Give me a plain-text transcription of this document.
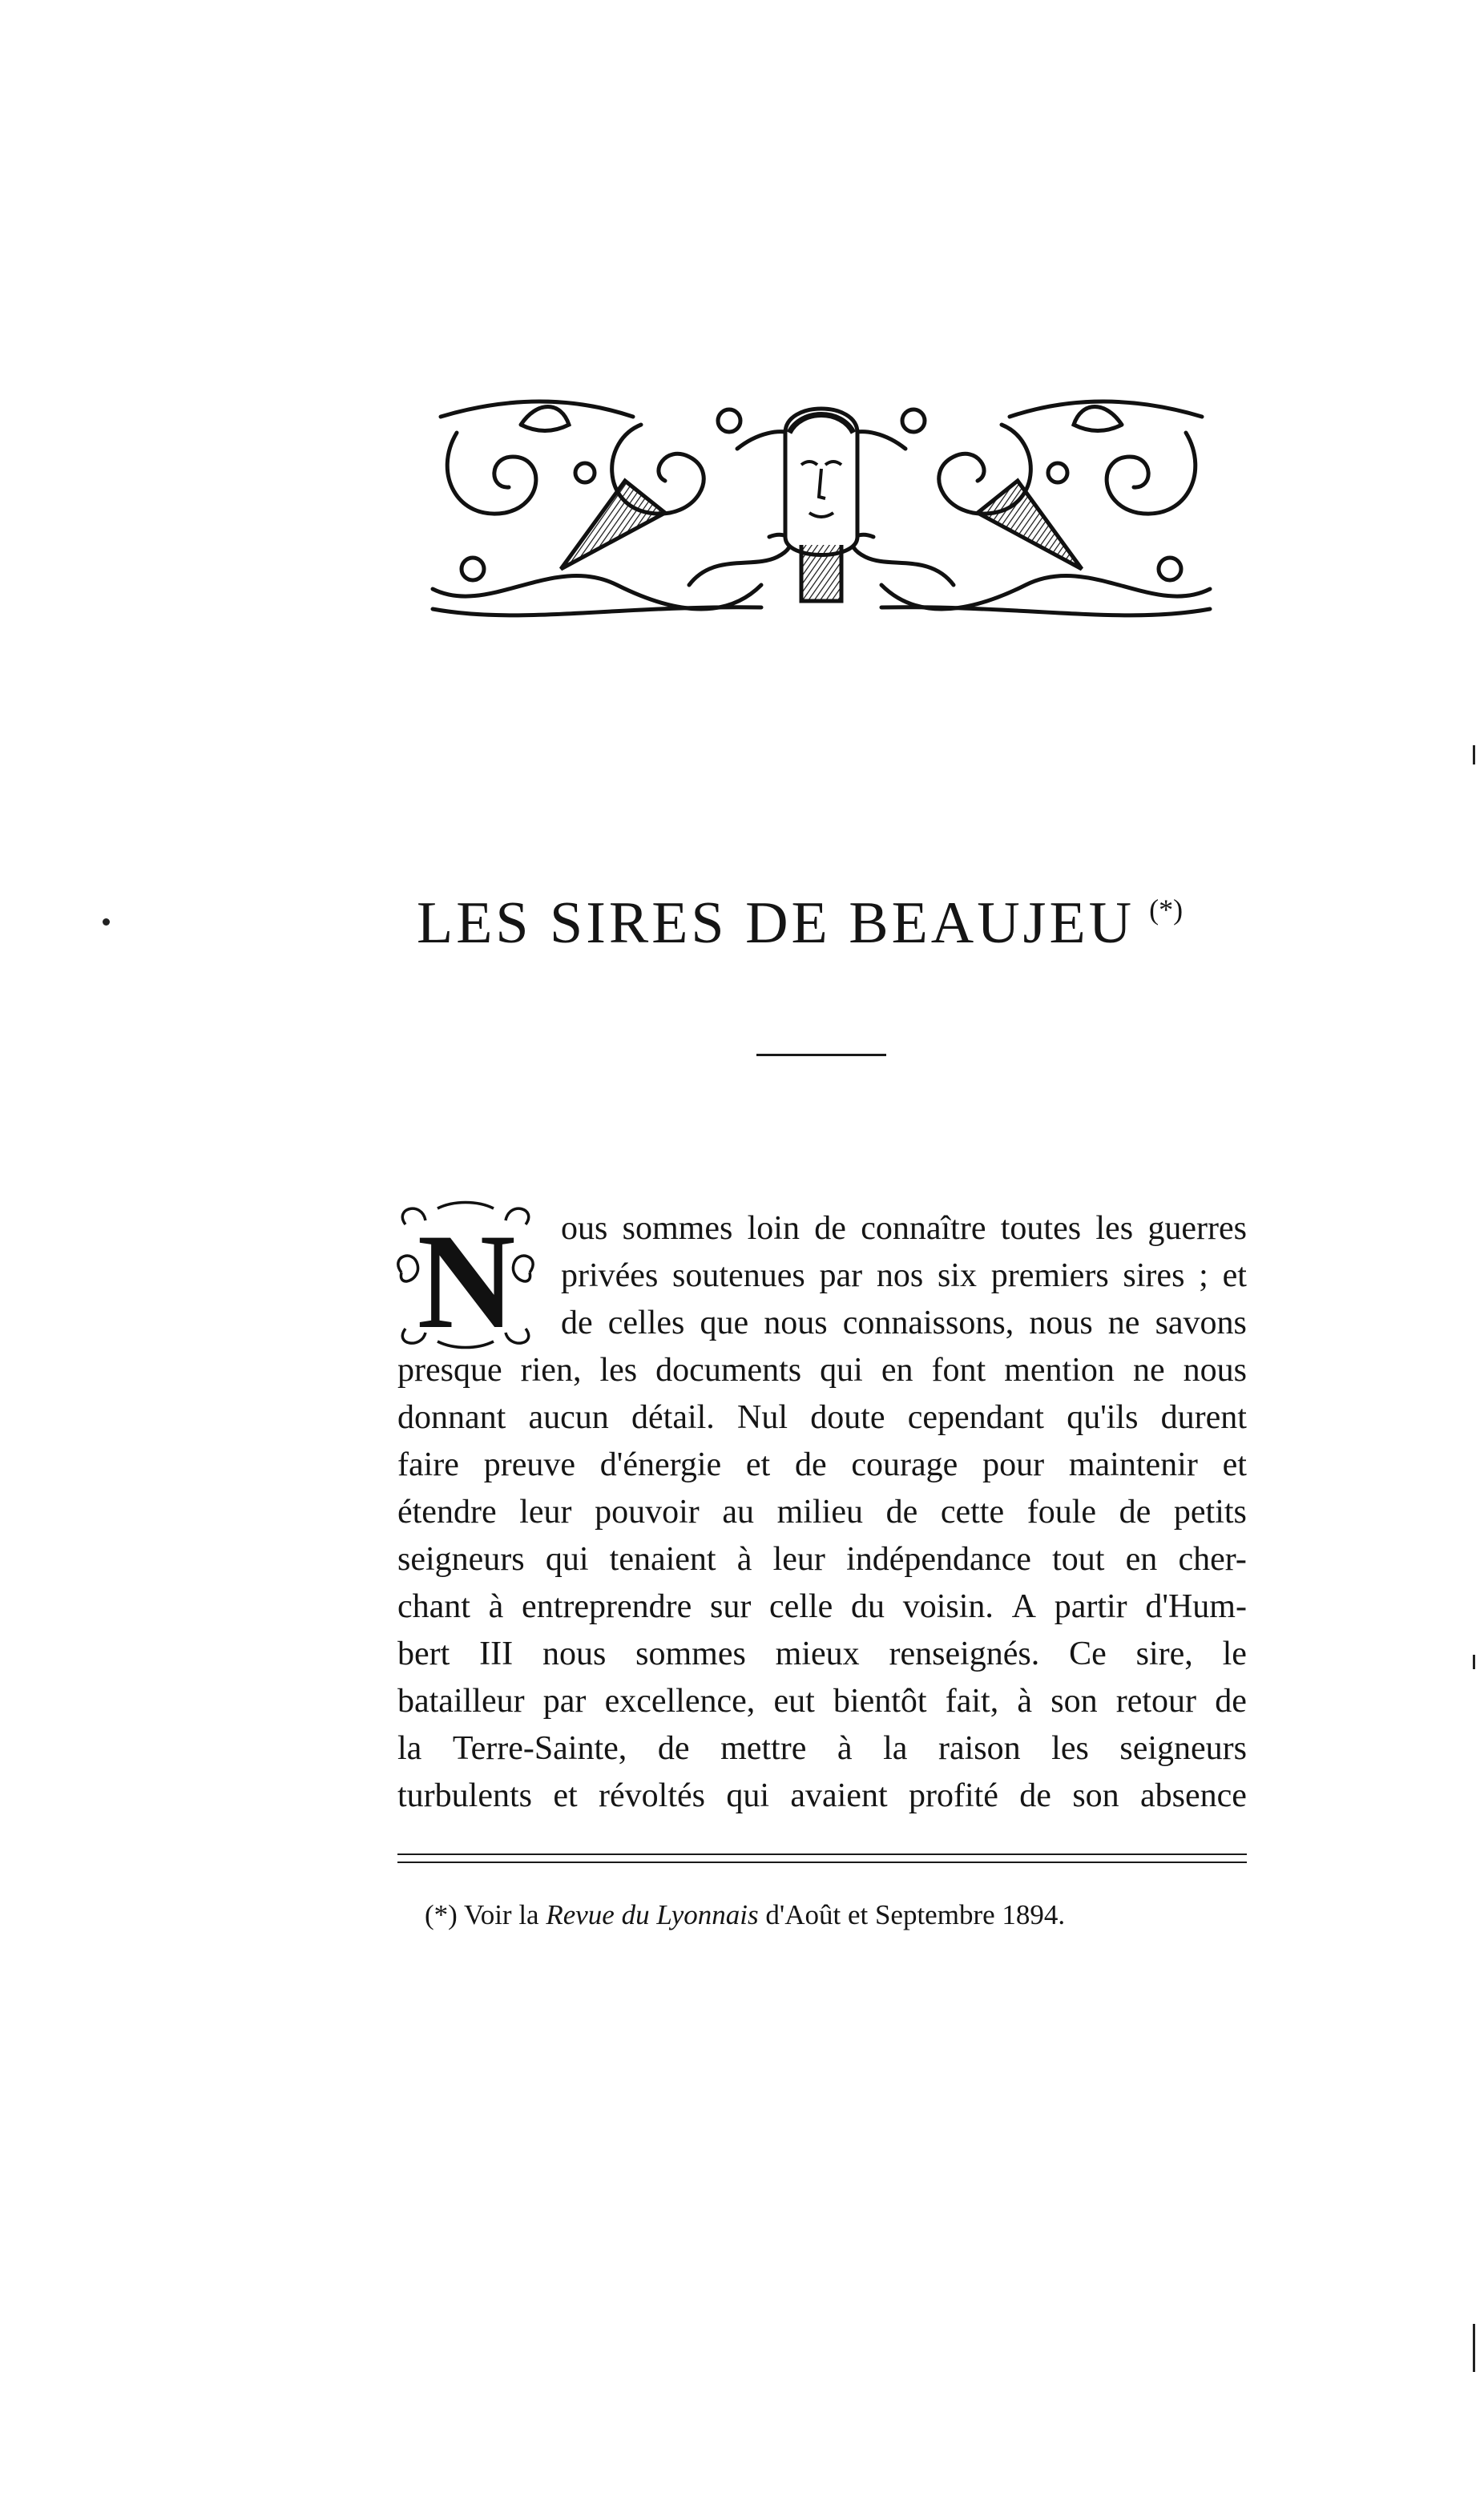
LES SIRES DE BEAUJEU (*)
N ous sommes loin de connaître toutes les guerres
privées soutenues par nos six premiers sires ; et
de celles que nous connaissons, nous ne savons
presque rien, les documents qui en font mention ne nous
donnant aucun détail. Nul doute cependant qu'ils durent
faire preuve d'énergie et de courage pour maintenir et
étendre leur pouvoir au milieu de cette foule de petits
seigneurs qui tenaient à leur indépendance tout en cher-
chant à entreprendre sur celle du voisin. A partir d'Hum-
bert III nous sommes mieux renseignés. Ce sire, le
batailleur par excellence, eut bientôt fait, à son retour de
la Terre-Sainte, de mettre à la raison les seigneurs
turbulents et révoltés qui avaient profité de son absence
(*) Voir la Revue du Lyonnais d'Août et Septembre 1894.
